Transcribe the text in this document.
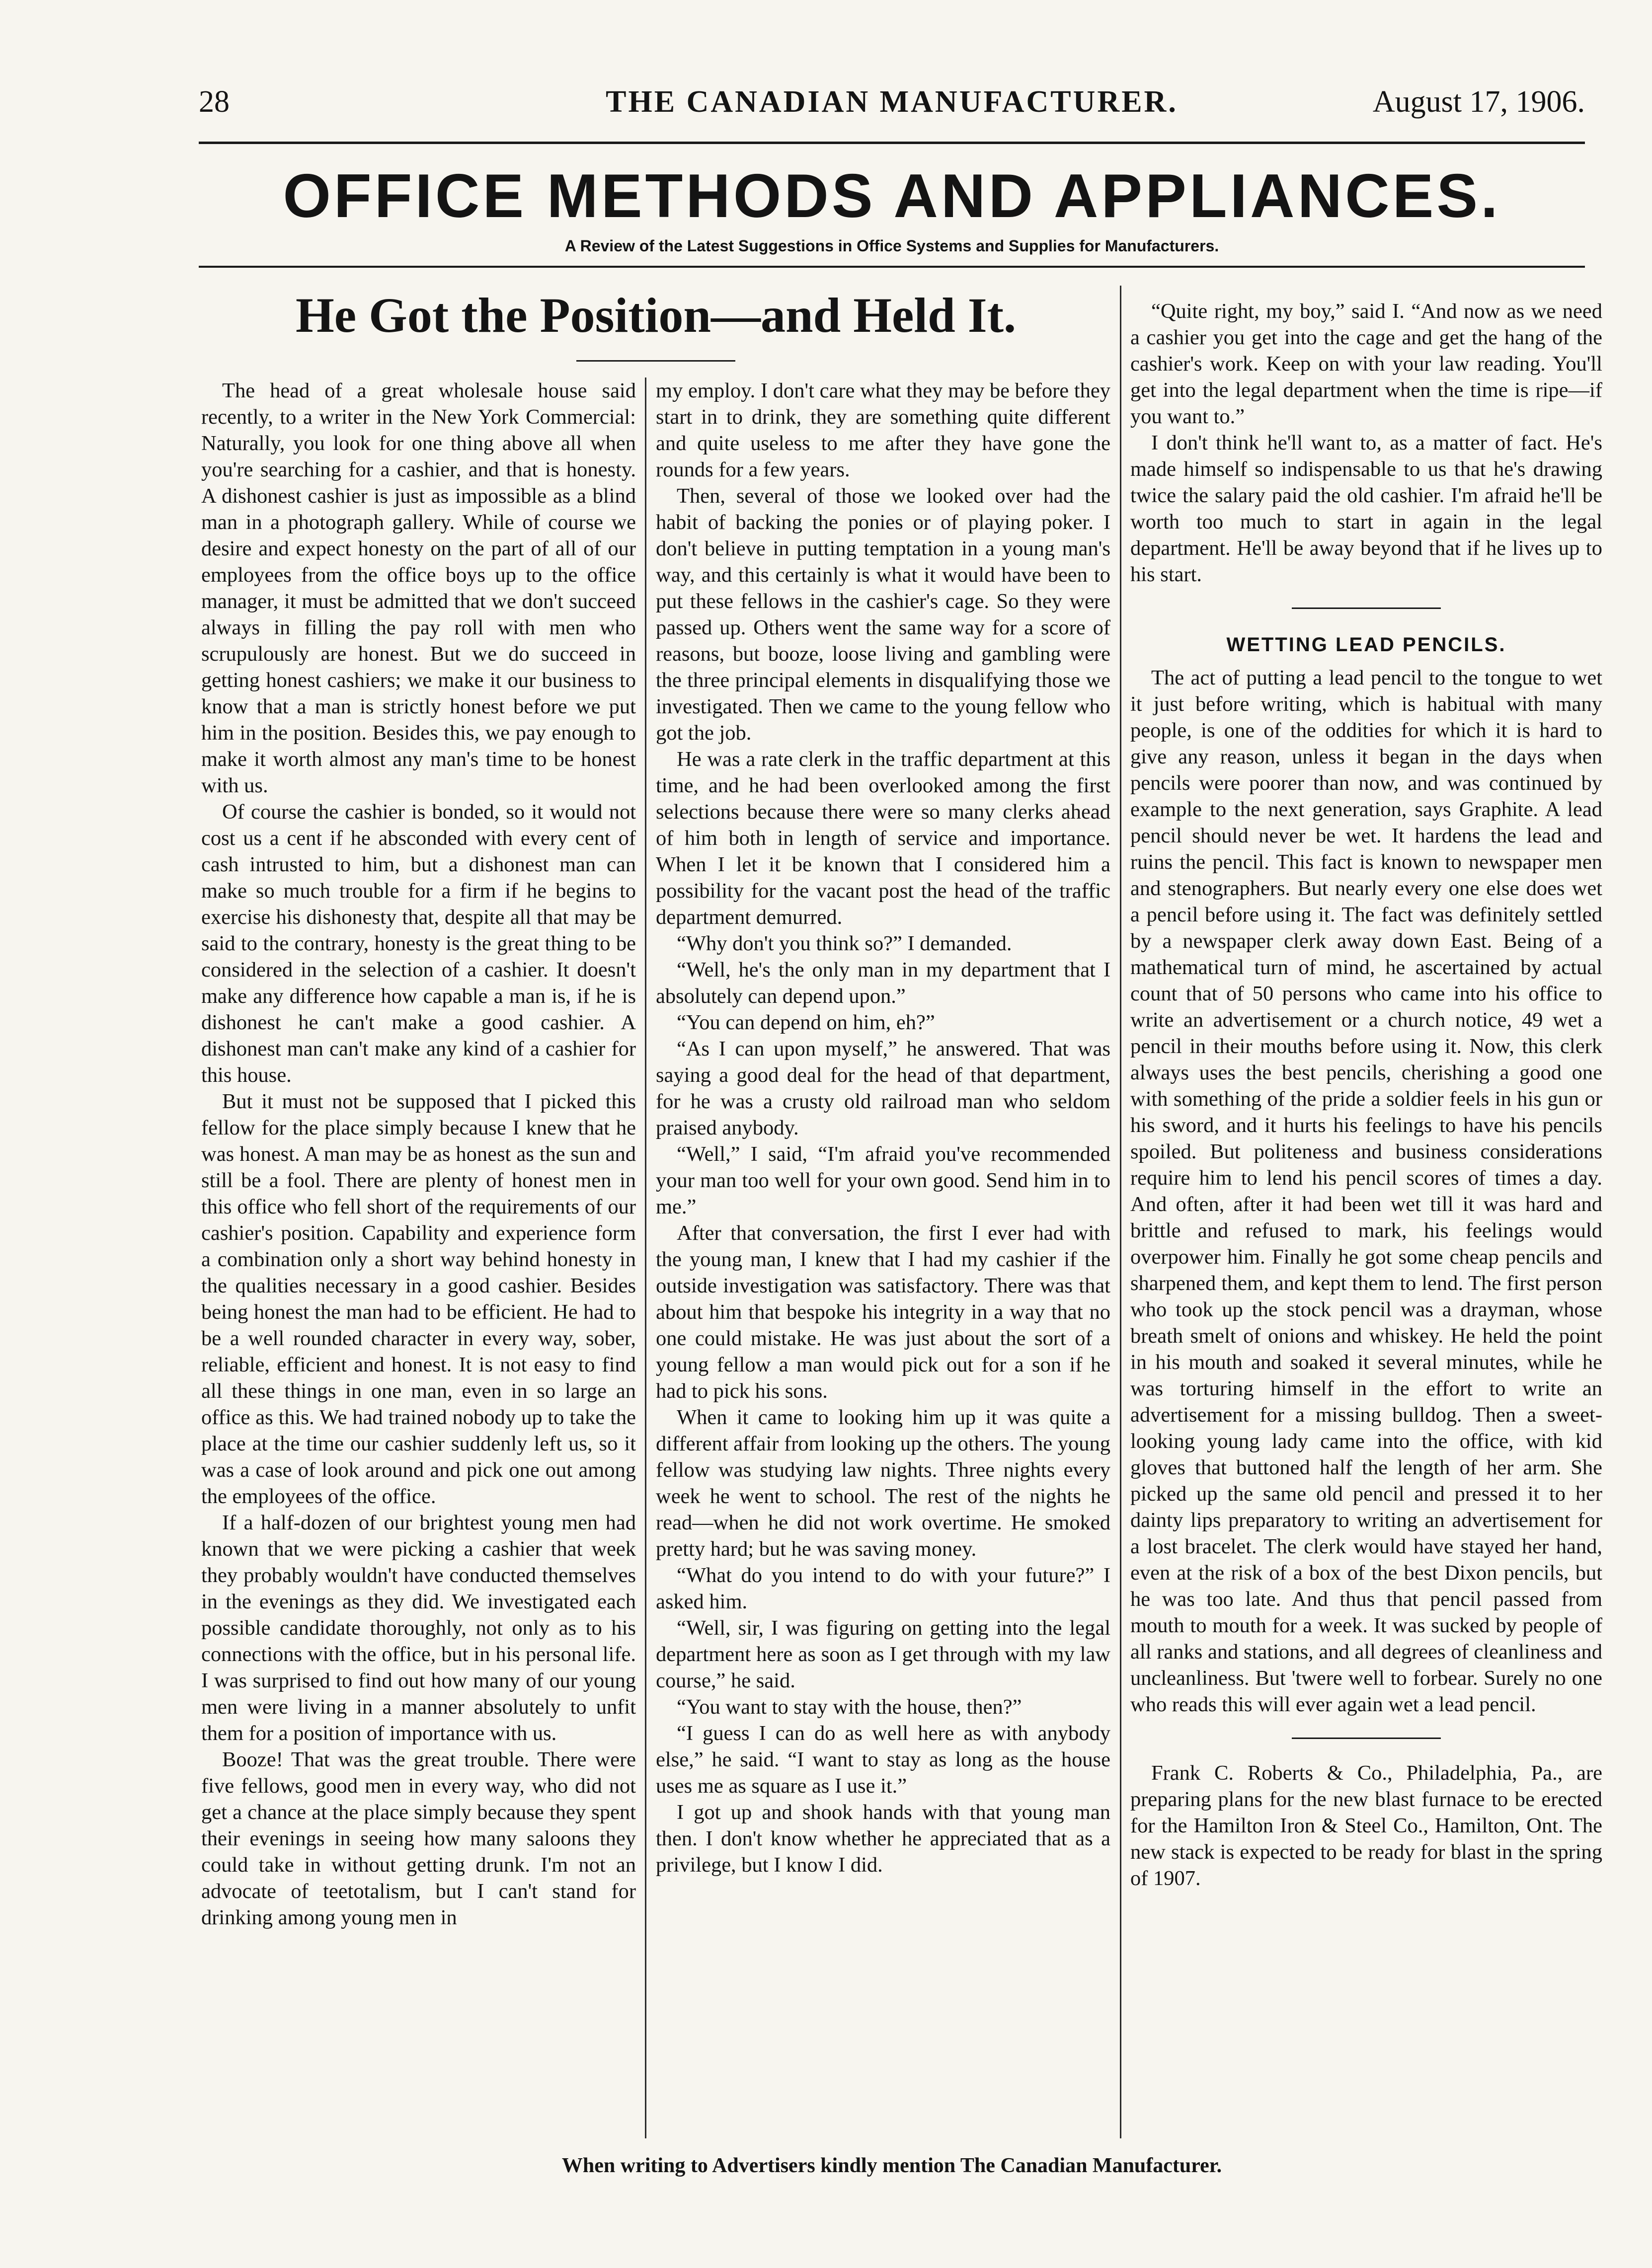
28	THE CANADIAN MANUFACTURER.	August 17, 1906.
OFFICE METHODS AND APPLIANCES.
A Review of the Latest Suggestions in Office Systems and Supplies for Manufacturers.
He Got the Position—and Held It.

The head of a great wholesale house said recently, to a writer in the New York Commercial: Naturally, you look for one thing above all when you're searching for a cashier, and that is honesty. A dishonest cashier is just as impossible as a blind man in a photograph gallery. While of course we desire and expect honesty on the part of all of our employees from the office boys up to the office manager, it must be admitted that we don't succeed always in filling the pay roll with men who scrupulously are honest. But we do succeed in getting honest cashiers; we make it our business to know that a man is strictly honest before we put him in the position. Besides this, we pay enough to make it worth almost any man's time to be honest with us.

Of course the cashier is bonded, so it would not cost us a cent if he absconded with every cent of cash intrusted to him, but a dishonest man can make so much trouble for a firm if he begins to exercise his dishonesty that, despite all that may be said to the contrary, honesty is the great thing to be considered in the selection of a cashier. It doesn't make any difference how capable a man is, if he is dishonest he can't make a good cashier. A dishonest man can't make any kind of a cashier for this house.

But it must not be supposed that I picked this fellow for the place simply because I knew that he was honest. A man may be as honest as the sun and still be a fool. There are plenty of honest men in this office who fell short of the requirements of our cashier's position. Capability and experience form a combination only a short way behind honesty in the qualities necessary in a good cashier. Besides being honest the man had to be efficient. He had to be a well rounded character in every way, sober, reliable, efficient and honest. It is not easy to find all these things in one man, even in so large an office as this. We had trained nobody up to take the place at the time our cashier suddenly left us, so it was a case of look around and pick one out among the employees of the office.

If a half-dozen of our brightest young men had known that we were picking a cashier that week they probably wouldn't have conducted themselves in the evenings as they did. We investigated each possible candidate thoroughly, not only as to his connections with the office, but in his personal life. I was surprised to find out how many of our young men were living in a manner absolutely to unfit them for a position of importance with us.

Booze! That was the great trouble. There were five fellows, good men in every way, who did not get a chance at the place simply because they spent their evenings in seeing how many saloons they could take in without getting drunk. I'm not an advocate of teetotalism, but I can't stand for drinking among young men in

my employ. I don't care what they may be before they start in to drink, they are something quite different and quite useless to me after they have gone the rounds for a few years.

Then, several of those we looked over had the habit of backing the ponies or of playing poker. I don't believe in putting temptation in a young man's way, and this certainly is what it would have been to put these fellows in the cashier's cage. So they were passed up. Others went the same way for a score of reasons, but booze, loose living and gambling were the three principal elements in disqualifying those we investigated. Then we came to the young fellow who got the job.

He was a rate clerk in the traffic department at this time, and he had been overlooked among the first selections because there were so many clerks ahead of him both in length of service and importance. When I let it be known that I considered him a possibility for the vacant post the head of the traffic department demurred.

“Why don't you think so?” I demanded.

“Well, he's the only man in my department that I absolutely can depend upon.”

“You can depend on him, eh?”

“As I can upon myself,” he answered. That was saying a good deal for the head of that department, for he was a crusty old railroad man who seldom praised anybody.

“Well,” I said, “I'm afraid you've recommended your man too well for your own good. Send him in to me.”

After that conversation, the first I ever had with the young man, I knew that I had my cashier if the outside investigation was satisfactory. There was that about him that bespoke his integrity in a way that no one could mistake. He was just about the sort of a young fellow a man would pick out for a son if he had to pick his sons.

When it came to looking him up it was quite a different affair from looking up the others. The young fellow was studying law nights. Three nights every week he went to school. The rest of the nights he read—when he did not work overtime. He smoked pretty hard; but he was saving money.

“What do you intend to do with your future?” I asked him.

“Well, sir, I was figuring on getting into the legal department here as soon as I get through with my law course,” he said.

“You want to stay with the house, then?”

“I guess I can do as well here as with anybody else,” he said. “I want to stay as long as the house uses me as square as I use it.”

I got up and shook hands with that young man then. I don't know whether he appreciated that as a privilege, but I know I did.

“Quite right, my boy,” said I. “And now as we need a cashier you get into the cage and get the hang of the cashier's work. Keep on with your law reading. You'll get into the legal department when the time is ripe—if you want to.”

I don't think he'll want to, as a matter of fact. He's made himself so indispensable to us that he's drawing twice the salary paid the old cashier. I'm afraid he'll be worth too much to start in again in the legal department. He'll be away beyond that if he lives up to his start.

WETTING LEAD PENCILS.

The act of putting a lead pencil to the tongue to wet it just before writing, which is habitual with many people, is one of the oddities for which it is hard to give any reason, unless it began in the days when pencils were poorer than now, and was continued by example to the next generation, says Graphite. A lead pencil should never be wet. It hardens the lead and ruins the pencil. This fact is known to newspaper men and stenographers. But nearly every one else does wet a pencil before using it. The fact was definitely settled by a newspaper clerk away down East. Being of a mathematical turn of mind, he ascertained by actual count that of 50 persons who came into his office to write an advertisement or a church notice, 49 wet a pencil in their mouths before using it. Now, this clerk always uses the best pencils, cherishing a good one with something of the pride a soldier feels in his gun or his sword, and it hurts his feelings to have his pencils spoiled. But politeness and business considerations require him to lend his pencil scores of times a day. And often, after it had been wet till it was hard and brittle and refused to mark, his feelings would overpower him. Finally he got some cheap pencils and sharpened them, and kept them to lend. The first person who took up the stock pencil was a drayman, whose breath smelt of onions and whiskey. He held the point in his mouth and soaked it several minutes, while he was torturing himself in the effort to write an advertisement for a missing bulldog. Then a sweet-looking young lady came into the office, with kid gloves that buttoned half the length of her arm. She picked up the same old pencil and pressed it to her dainty lips preparatory to writing an advertisement for a lost bracelet. The clerk would have stayed her hand, even at the risk of a box of the best Dixon pencils, but he was too late. And thus that pencil passed from mouth to mouth for a week. It was sucked by people of all ranks and stations, and all degrees of cleanliness and uncleanliness. But 'twere well to forbear. Surely no one who reads this will ever again wet a lead pencil.

Frank C. Roberts & Co., Philadelphia, Pa., are preparing plans for the new blast furnace to be erected for the Hamilton Iron & Steel Co., Hamilton, Ont. The new stack is expected to be ready for blast in the spring of 1907.

When writing to Advertisers kindly mention The Canadian Manufacturer.
